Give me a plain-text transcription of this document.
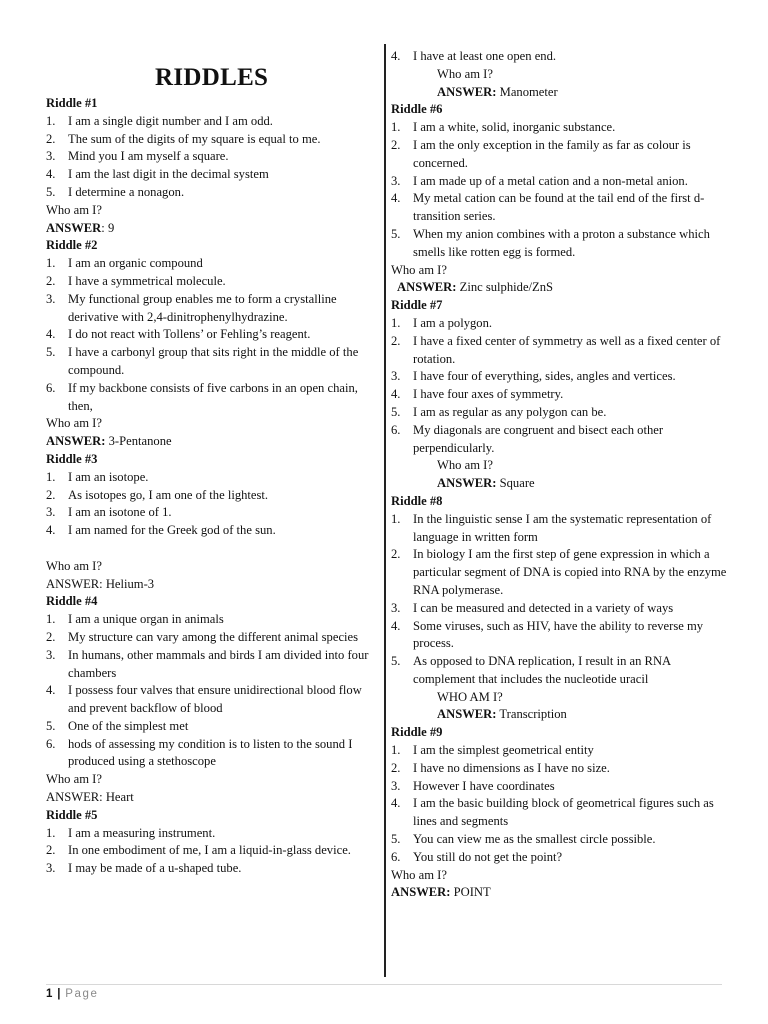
RIDDLES
Riddle #1
1. I am a single digit number and I am odd.
2. The sum of the digits of my square is equal to me.
3. Mind you I am myself a square.
4. I am the last digit in the decimal system
5. I determine a nonagon.
Who am I?
ANSWER: 9
Riddle #2
1. I am an organic compound
2. I have a symmetrical molecule.
3. My functional group enables me to form a crystalline derivative with 2,4-dinitrophenylhydrazine.
4. I do not react with Tollens’ or Fehling’s reagent.
5. I have a carbonyl group that sits right in the middle of the compound.
6. If my backbone consists of five carbons in an open chain, then,
Who am I?
ANSWER: 3-Pentanone
Riddle #3
1. I am an isotope.
2. As isotopes go, I am one of the lightest.
3. I am an isotone of 1.
4. I am named for the Greek god of the sun.
Who am I?
ANSWER: Helium-3
Riddle #4
1. I am a unique organ in animals
2. My structure can vary among the different animal species
3. In humans, other mammals and birds I am divided into four chambers
4. I possess four valves that ensure unidirectional blood flow and prevent backflow of blood
5. One of the simplest met
6. hods of assessing my condition is to listen to the sound I produced using a stethoscope
Who am I?
ANSWER: Heart
Riddle #5
1. I am a measuring instrument.
2. In one embodiment of me, I am a liquid-in-glass device.
3. I may be made of a u-shaped tube.
4. I have at least one open end.
Who am I?
ANSWER: Manometer
Riddle #6
1. I am a white, solid, inorganic substance.
2. I am the only exception in the family as far as colour is concerned.
3. I am made up of a metal cation and a non-metal anion.
4. My metal cation can be found at the tail end of the first d-transition series.
5. When my anion combines with a proton a substance which smells like rotten egg is formed.
Who am I?
ANSWER: Zinc sulphide/ZnS
Riddle #7
1. I am a polygon.
2. I have a fixed center of symmetry as well as a fixed center of rotation.
3. I have four of everything, sides, angles and vertices.
4. I have four axes of symmetry.
5. I am as regular as any polygon can be.
6. My diagonals are congruent and bisect each other perpendicularly.
Who am I?
ANSWER: Square
Riddle #8
1. In the linguistic sense I am the systematic representation of language in written form
2. In biology I am the first step of gene expression in which a particular segment of DNA is copied into RNA by the enzyme RNA polymerase.
3. I can be measured and detected in a variety of ways
4. Some viruses, such as HIV, have the ability to reverse my process.
5. As opposed to DNA replication, I result in an RNA complement that includes the nucleotide uracil
WHO AM I?
ANSWER: Transcription
Riddle #9
1. I am the simplest geometrical entity
2. I have no dimensions as I have no size.
3. However I have coordinates
4. I am the basic building block of geometrical figures such as lines and segments
5. You can view me as the smallest circle possible.
6. You still do not get the point?
Who am I?
ANSWER: POINT
1 | Page
